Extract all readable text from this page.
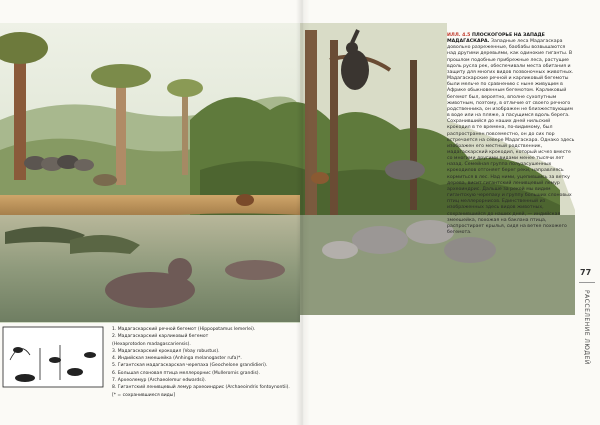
ИЛЛ. 4.5 ПЛОСКОГОРЬЕ НА ЗАПАДЕ МАДАГАСКАРА. Западные леса Мадагаскара довольно разреженные, баобабы возвышаются над другими деревьями, как одинокие гиганты. В прошлом подобные прибрежные леса, растущие вдоль русла рек, обеспечивали места обитания и защиту для многих видов позвоночных животных. Мадагаскарские речной и карликовый бегемоты были мельче по сравнению с ныне живущим в Африке обыкновенным бегемотом. Карликовый бегемот был, вероятно, вполне сухопутным животным, поэтому, в отличие от своего речного родственника, он изображен не близжествующим в воде или на пляже, а пасущимся вдоль берега. Сохранившийся до наших дней нильский крокодил в те времена, по-видимому, был распространен повсеместно, он до сих пор встречается на севере Мадагаскара. Однако здесь изображен его местный родственник, мадагаскарский крокодил, который исчез вместе со многими другими видами менее тысячи лет назад. Семейная группа полузасушенных крокодилов отгоняет берег реки, направляясь кормиться в лес. Над ними, уцепившись за ветку дерева, висит гигантский ленивцевый лемур археоиндрис. Дальше за рекой мы видим гигантскую черепаху и группу больших слоновых птиц меллерорнисов. Единственный из изображенных здесь видов животных, сохранившийся до наших дней, — индийская змеешейка, похожая на баклана птица, распростирает крылья, сидя на ветке похожего бегемота.
77
РАССЕЛЕНИЕ ЛЮДЕЙ
1. Мадагаскарский речной бегемот (Hippopotamus lemerlei).
2. Мадагаскарский карликовый бегемот
(Hexaprotodon madagascariensis).
3. Мадагаскарский крокодил (Voay robustus).
4. Индийская змеешейка (Anhinga melanogaster rufa)*.
5. Гигантская мадагаскарская черепаха (Geochelone grandidieri).
6. Большая слоновая птица меллерорнис (Mullerornis grandis).
7. Археолемур (Archaeolemur edwardsi).
8. Гигантский ленивцевый лемур археоиндрис (Archaeoindris fontoynontii).
[* = сохранившиеся виды]
